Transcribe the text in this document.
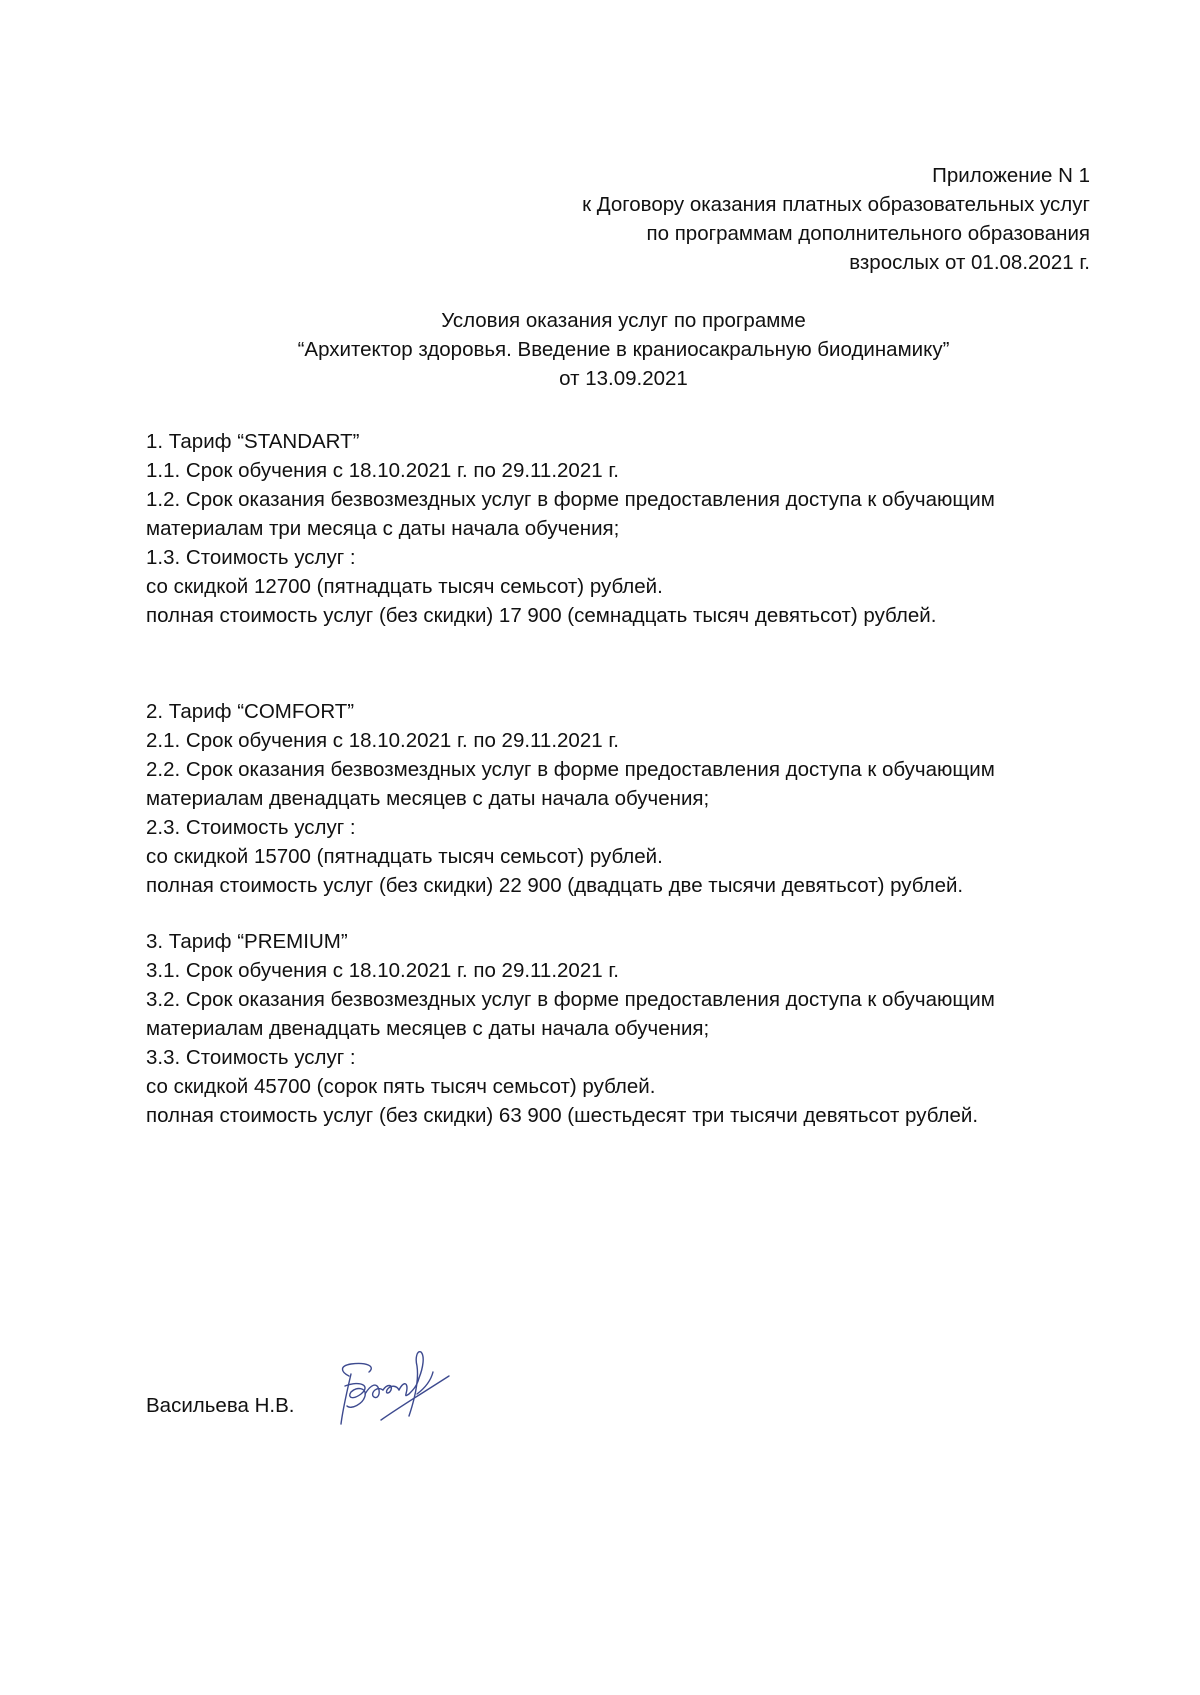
Приложение N 1
к Договору оказания платных образовательных услуг
по программам дополнительного образования
взрослых от 01.08.2021 г.
Условия оказания услуг по программе
“Архитектор здоровья. Введение в краниосакральную биодинамику”
от 13.09.2021
1. Тариф “STANDART”
1.1. Срок обучения с 18.10.2021 г. по 29.11.2021 г.
1.2. Срок оказания безвозмездных услуг в форме предоставления доступа к обучающим
материалам три месяца с даты начала обучения;
1.3. Стоимость услуг :
со скидкой 12700 (пятнадцать тысяч семьсот) рублей.
полная стоимость услуг (без скидки) 17 900 (семнадцать тысяч девятьсот) рублей.
2. Тариф “COMFORT”
2.1. Срок обучения с 18.10.2021 г. по 29.11.2021 г.
2.2. Срок оказания безвозмездных услуг в форме предоставления доступа к обучающим
материалам двенадцать месяцев с даты начала обучения;
2.3. Стоимость услуг :
со скидкой 15700 (пятнадцать тысяч семьсот) рублей.
полная стоимость услуг (без скидки) 22 900 (двадцать две тысячи девятьсот) рублей.
3. Тариф “PREMIUM”
3.1. Срок обучения с 18.10.2021 г. по 29.11.2021 г.
3.2. Срок оказания безвозмездных услуг в форме предоставления доступа к обучающим
материалам двенадцать месяцев с даты начала обучения;
3.3. Стоимость услуг :
со скидкой 45700 (сорок пять тысяч семьсот) рублей.
полная стоимость услуг (без скидки) 63 900 (шестьдесят три тысячи девятьсот рублей.
Васильева Н.В.
